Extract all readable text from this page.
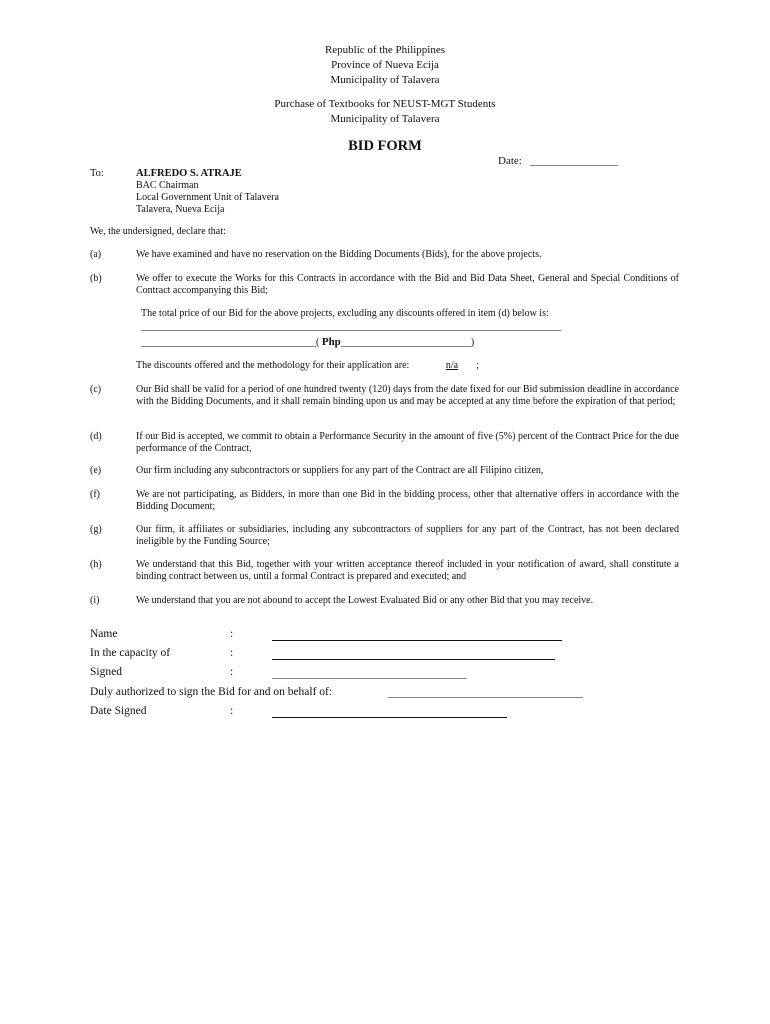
Republic of the Philippines
Province of Nueva Ecija
Municipality of Talavera
Purchase of Textbooks for NEUST-MGT Students
Municipality of Talavera
BID FORM
Date: ________________
To:	ALFREDO S. ATRAJE
BAC Chairman
Local Government Unit of Talavera
Talavera, Nueva Ecija
We, the undersigned, declare that:
(a)	We have examined and have no reservation on the Bidding Documents (Bids), for the above projects.
(b)	We offer to execute the Works for this Contracts in accordance with the Bid and Bid Data Sheet, General and Special Conditions of Contract accompanying this Bid;
The total price of our Bid for the above projects, excluding any discounts offered in item (d) below is:
____________________________________________________________________________________
___________________________________( Php__________________________)
The discounts offered and the methodology for their application are:	n/a ;
(c)	Our Bid shall be valid for a period of one hundred twenty (120) days from the date fixed for our Bid submission deadline in accordance with the Bidding Documents, and it shall remain binding upon us and may be accepted at any time before the expiration of that period;
(d)	If our Bid is accepted, we commit to obtain a Performance Security in the amount of five (5%) percent of the Contract Price for the due performance of the Contract,
(e)	Our firm including any subcontractors or suppliers for any part of the Contract are all Filipino citizen,
(f)	We are not participating, as Bidders, in more than one Bid in the bidding process, other that alternative offers in accordance with the Bidding Document;
(g)	Our firm, it affiliates or subsidiaries, including any subcontractors of suppliers for any part of the Contract, has not been declared ineligible by the Funding Source;
(h)	We understand that this Bid, together with your written acceptance thereof included in your notification of award, shall constitute a binding contract between us, until a formal Contract is prepared and executed; and
(i)	We understand that you are not abound to accept the Lowest Evaluated Bid or any other Bid that you may receive.
Name	:
In the capacity of	:
Signed	:	_______________________________________
Duly authorized to sign the Bid for and on behalf of:	_______________________________________
Date Signed	:
